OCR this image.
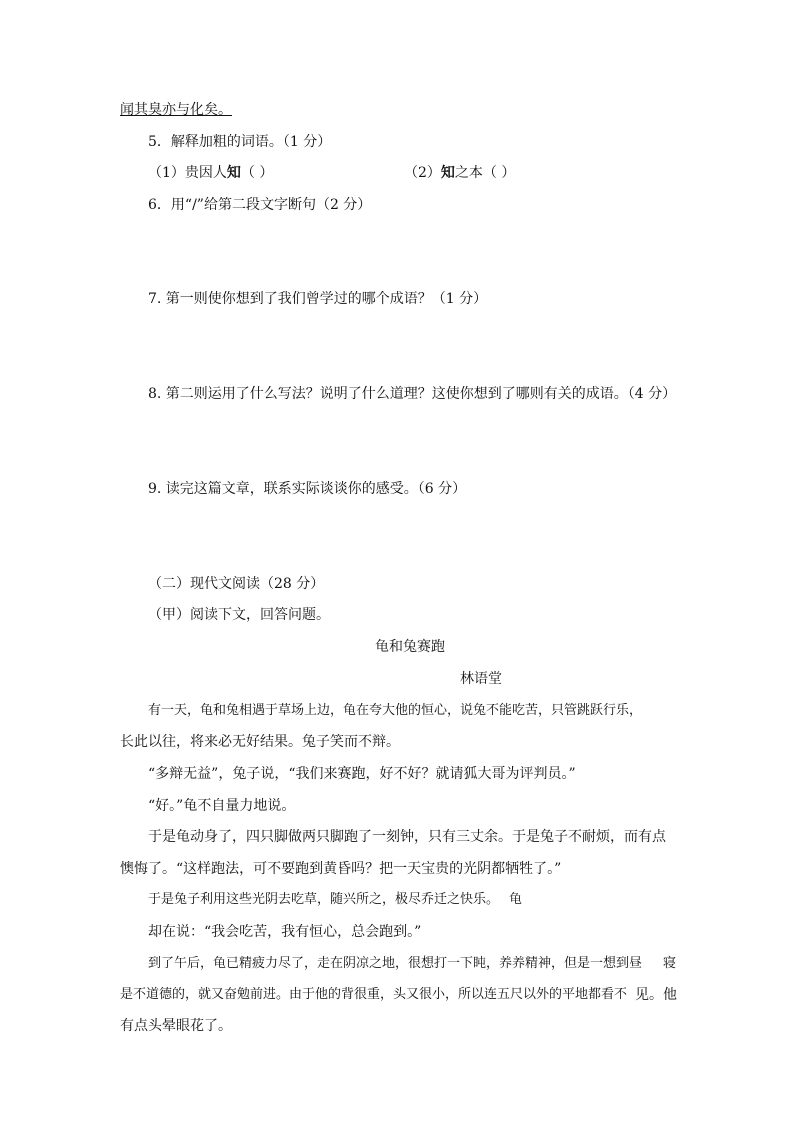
闻其臭亦与化矣。
5．解释加粗的词语。（1 分）
（1）贵因人知（ ）	（2）知之本（ ）
6．用“/”给第二段文字断句（2 分）
7. 第一则使你想到了我们曾学过的哪个成语？（1 分）
8. 第二则运用了什么写法？说明了什么道理？这使你想到了哪则有关的成语。（4 分）
9. 读完这篇文章，联系实际谈谈你的感受。（6 分）
（二）现代文阅读（28 分）
（甲）阅读下文，回答问题。
龟和兔赛跑
林语堂
有一天，龟和兔相遇于草场上边，龟在夸大他的恒心，说兔不能吃苦，只管跳跃行乐，
长此以往，将来必无好结果。兔子笑而不辩。
“多辩无益”，兔子说，“我们来赛跑，好不好？就请狐大哥为评判员。”
“好。”龟不自量力地说。
于是龟动身了，四只脚做两只脚跑了一刻钟，只有三丈余。于是兔子不耐烦，而有点
懊悔了。“这样跑法，可不要跑到黄昏吗？把一天宝贵的光阴都牺牲了。”
于是兔子利用这些光阴去吃草，随兴所之，极尽乔迁之快乐。 龟
却在说：“我会吃苦，我有恒心，总会跑到。”
到了午后，龟已精疲力尽了，走在阴凉之地，很想打一下盹，养养精神，但是一想到昼 寝
是不道德的，就又奋勉前进。由于他的背很重，头又很小，所以连五尺以外的平地都看不 见。他
有点头晕眼花了。
